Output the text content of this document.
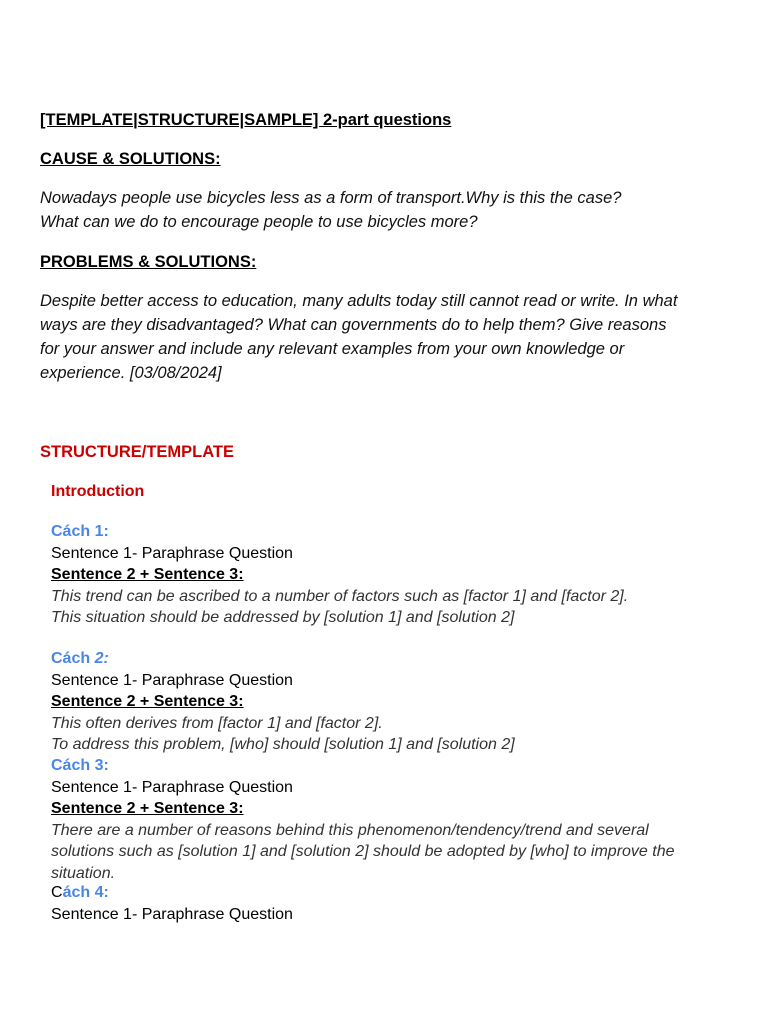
[TEMPLATE|STRUCTURE|SAMPLE] 2-part questions

CAUSE & SOLUTIONS:

Nowadays people use bicycles less as a form of transport.Why is this the case?What can we do to encourage people to use bicycles more?

PROBLEMS & SOLUTIONS:

Despite better access to education, many adults today still cannot read or write. In what ways are they disadvantaged? What can governments do to help them? Give reasons for your answer and include any relevant examples from your own knowledge or experience. [03/08/2024]

STRUCTURE/TEMPLATE

Introduction

Cách 1:
Sentence 1- Paraphrase Question
Sentence 2 + Sentence 3:
This trend can be ascribed to a number of factors such as [factor 1] and [factor 2].
This situation should be addressed by [solution 1] and [solution 2]
Cách 2:
Sentence 1- Paraphrase Question
Sentence 2 + Sentence 3:
This often derives from [factor 1] and [factor 2].
To address this problem, [who] should [solution 1] and [solution 2]
Cách 3:
Sentence 1- Paraphrase Question
Sentence 2 + Sentence 3:
There are a number of reasons behind this phenomenon/tendency/trend and several solutions such as [solution 1] and [solution 2] should be adopted by [who] to improve the situation.
Cách 4:
Sentence 1- Paraphrase Question
